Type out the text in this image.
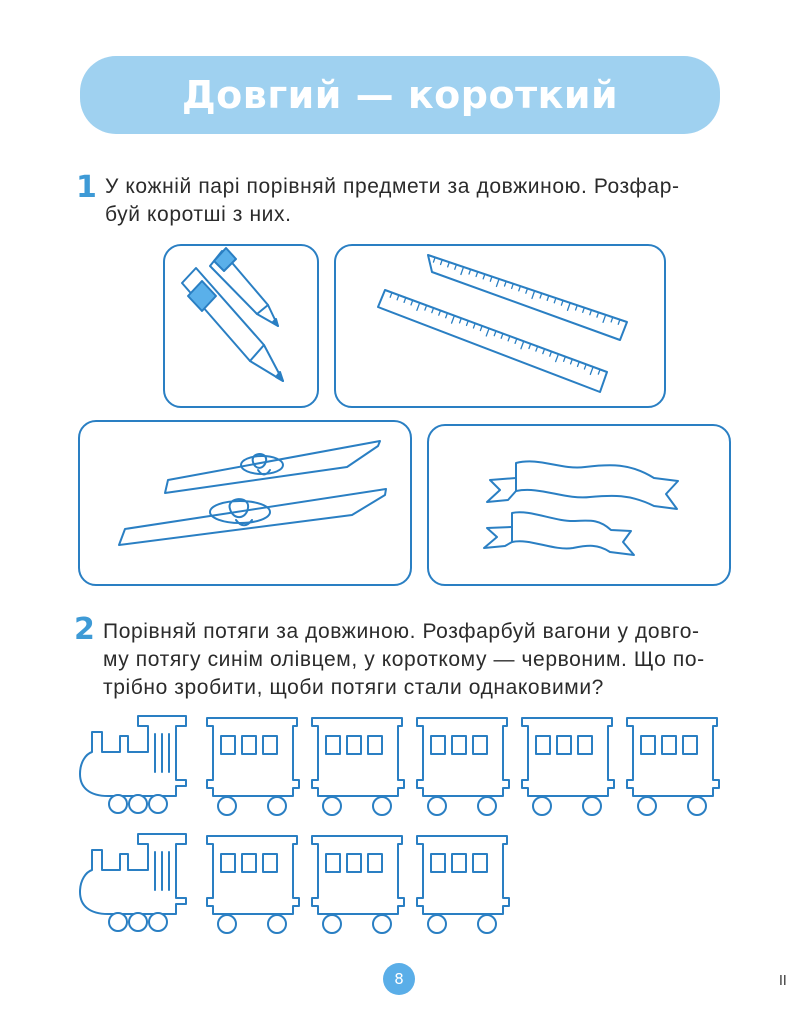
Довгий — короткий
1 У кожній парі порівняй предмети за довжиною. Розфар-
буй коротші з них.
2 Порівняй потяги за довжиною. Розфарбуй вагони у довго-
му потягу синім олівцем, у короткому — червоним. Що по-
трібно зробити, щоби потяги стали однаковими?
8	II
